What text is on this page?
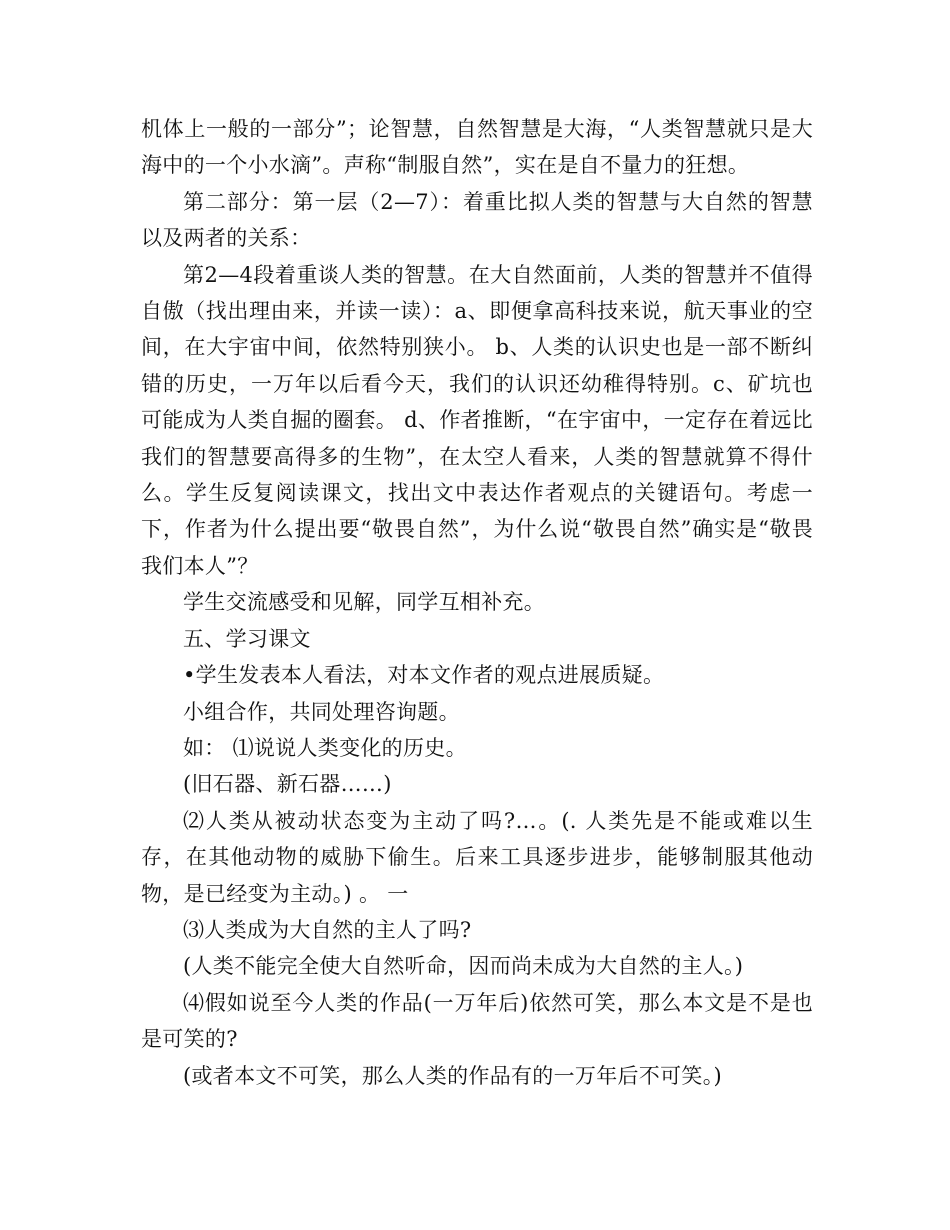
机体上一般的一部分”；论智慧，自然智慧是大海，“人类智慧就只是大海中的一个小水滴”。声称“制服自然”，实在是自不量力的狂想。

第二部分：第一层（2—7）：着重比拟人类的智慧与大自然的智慧以及两者的关系：

第2—4段着重谈人类的智慧。在大自然面前，人类的智慧并不值得自傲（找出理由来，并读一读）：a、即便拿高科技来说，航天事业的空间，在大宇宙中间，依然特别狭小。 b、人类的认识史也是一部不断纠错的历史，一万年以后看今天，我们的认识还幼稚得特别。c、矿坑也可能成为人类自掘的圈套。 d、作者推断，“在宇宙中，一定存在着远比我们的智慧要高得多的生物”，在太空人看来，人类的智慧就算不得什么。学生反复阅读课文，找出文中表达作者观点的关键语句。考虑一下，作者为什么提出要“敬畏自然”，为什么说“敬畏自然”确实是“敬畏我们本人”？

学生交流感受和见解，同学互相补充。

五、学习课文

•学生发表本人看法，对本文作者的观点进展质疑。

小组合作，共同处理咨询题。

如： ⑴说说人类变化的历史。

(旧石器、新石器……)

⑵人类从被动状态变为主动了吗?…。(. 人类先是不能或难以生存，在其他动物的威胁下偷生。后来工具逐步进步，能够制服其他动物，是已经变为主动。) 。 一

⑶人类成为大自然的主人了吗?

(人类不能完全使大自然听命，因而尚未成为大自然的主人。)

⑷假如说至今人类的作品(一万年后)依然可笑，那么本文是不是也是可笑的?

(或者本文不可笑，那么人类的作品有的一万年后不可笑。)
